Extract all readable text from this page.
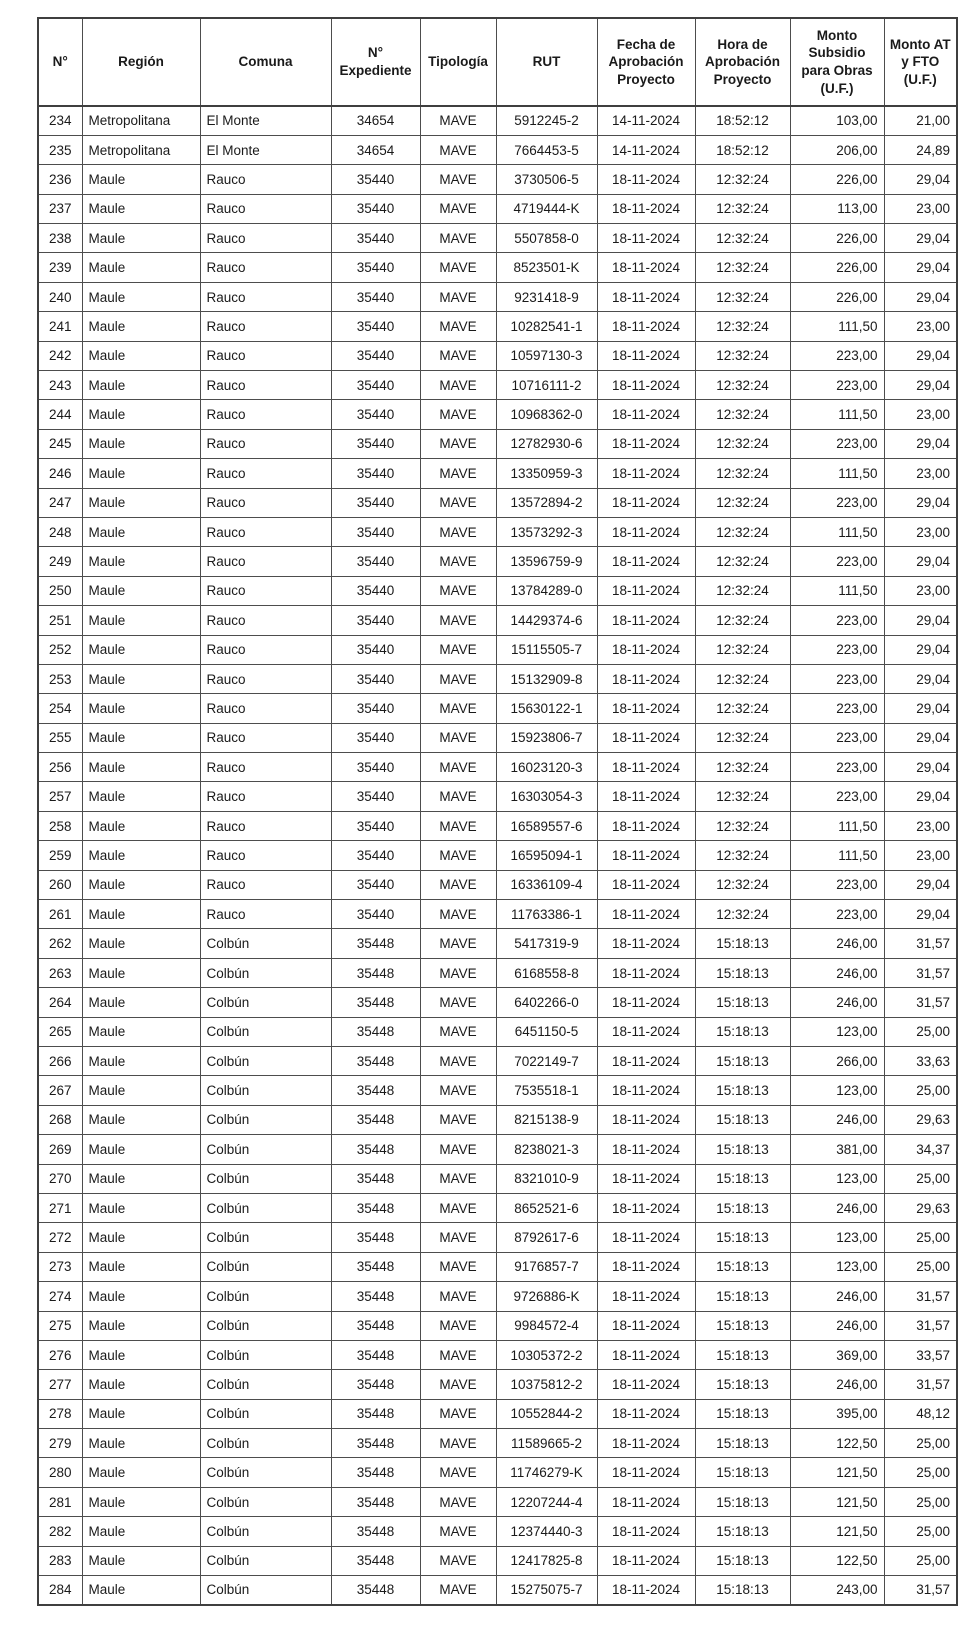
N°	Región	Comuna	N° Expediente	Tipología	RUT	Fecha de Aprobación Proyecto	Hora de Aprobación Proyecto	Monto Subsidio para Obras (U.F.)	Monto AT y FTO (U.F.)
234	Metropolitana	El Monte	34654	MAVE	5912245-2	14-11-2024	18:52:12	103,00	21,00
235	Metropolitana	El Monte	34654	MAVE	7664453-5	14-11-2024	18:52:12	206,00	24,89
236	Maule	Rauco	35440	MAVE	3730506-5	18-11-2024	12:32:24	226,00	29,04
237	Maule	Rauco	35440	MAVE	4719444-K	18-11-2024	12:32:24	113,00	23,00
238	Maule	Rauco	35440	MAVE	5507858-0	18-11-2024	12:32:24	226,00	29,04
239	Maule	Rauco	35440	MAVE	8523501-K	18-11-2024	12:32:24	226,00	29,04
240	Maule	Rauco	35440	MAVE	9231418-9	18-11-2024	12:32:24	226,00	29,04
241	Maule	Rauco	35440	MAVE	10282541-1	18-11-2024	12:32:24	111,50	23,00
242	Maule	Rauco	35440	MAVE	10597130-3	18-11-2024	12:32:24	223,00	29,04
243	Maule	Rauco	35440	MAVE	10716111-2	18-11-2024	12:32:24	223,00	29,04
244	Maule	Rauco	35440	MAVE	10968362-0	18-11-2024	12:32:24	111,50	23,00
245	Maule	Rauco	35440	MAVE	12782930-6	18-11-2024	12:32:24	223,00	29,04
246	Maule	Rauco	35440	MAVE	13350959-3	18-11-2024	12:32:24	111,50	23,00
247	Maule	Rauco	35440	MAVE	13572894-2	18-11-2024	12:32:24	223,00	29,04
248	Maule	Rauco	35440	MAVE	13573292-3	18-11-2024	12:32:24	111,50	23,00
249	Maule	Rauco	35440	MAVE	13596759-9	18-11-2024	12:32:24	223,00	29,04
250	Maule	Rauco	35440	MAVE	13784289-0	18-11-2024	12:32:24	111,50	23,00
251	Maule	Rauco	35440	MAVE	14429374-6	18-11-2024	12:32:24	223,00	29,04
252	Maule	Rauco	35440	MAVE	15115505-7	18-11-2024	12:32:24	223,00	29,04
253	Maule	Rauco	35440	MAVE	15132909-8	18-11-2024	12:32:24	223,00	29,04
254	Maule	Rauco	35440	MAVE	15630122-1	18-11-2024	12:32:24	223,00	29,04
255	Maule	Rauco	35440	MAVE	15923806-7	18-11-2024	12:32:24	223,00	29,04
256	Maule	Rauco	35440	MAVE	16023120-3	18-11-2024	12:32:24	223,00	29,04
257	Maule	Rauco	35440	MAVE	16303054-3	18-11-2024	12:32:24	223,00	29,04
258	Maule	Rauco	35440	MAVE	16589557-6	18-11-2024	12:32:24	111,50	23,00
259	Maule	Rauco	35440	MAVE	16595094-1	18-11-2024	12:32:24	111,50	23,00
260	Maule	Rauco	35440	MAVE	16336109-4	18-11-2024	12:32:24	223,00	29,04
261	Maule	Rauco	35440	MAVE	11763386-1	18-11-2024	12:32:24	223,00	29,04
262	Maule	Colbún	35448	MAVE	5417319-9	18-11-2024	15:18:13	246,00	31,57
263	Maule	Colbún	35448	MAVE	6168558-8	18-11-2024	15:18:13	246,00	31,57
264	Maule	Colbún	35448	MAVE	6402266-0	18-11-2024	15:18:13	246,00	31,57
265	Maule	Colbún	35448	MAVE	6451150-5	18-11-2024	15:18:13	123,00	25,00
266	Maule	Colbún	35448	MAVE	7022149-7	18-11-2024	15:18:13	266,00	33,63
267	Maule	Colbún	35448	MAVE	7535518-1	18-11-2024	15:18:13	123,00	25,00
268	Maule	Colbún	35448	MAVE	8215138-9	18-11-2024	15:18:13	246,00	29,63
269	Maule	Colbún	35448	MAVE	8238021-3	18-11-2024	15:18:13	381,00	34,37
270	Maule	Colbún	35448	MAVE	8321010-9	18-11-2024	15:18:13	123,00	25,00
271	Maule	Colbún	35448	MAVE	8652521-6	18-11-2024	15:18:13	246,00	29,63
272	Maule	Colbún	35448	MAVE	8792617-6	18-11-2024	15:18:13	123,00	25,00
273	Maule	Colbún	35448	MAVE	9176857-7	18-11-2024	15:18:13	123,00	25,00
274	Maule	Colbún	35448	MAVE	9726886-K	18-11-2024	15:18:13	246,00	31,57
275	Maule	Colbún	35448	MAVE	9984572-4	18-11-2024	15:18:13	246,00	31,57
276	Maule	Colbún	35448	MAVE	10305372-2	18-11-2024	15:18:13	369,00	33,57
277	Maule	Colbún	35448	MAVE	10375812-2	18-11-2024	15:18:13	246,00	31,57
278	Maule	Colbún	35448	MAVE	10552844-2	18-11-2024	15:18:13	395,00	48,12
279	Maule	Colbún	35448	MAVE	11589665-2	18-11-2024	15:18:13	122,50	25,00
280	Maule	Colbún	35448	MAVE	11746279-K	18-11-2024	15:18:13	121,50	25,00
281	Maule	Colbún	35448	MAVE	12207244-4	18-11-2024	15:18:13	121,50	25,00
282	Maule	Colbún	35448	MAVE	12374440-3	18-11-2024	15:18:13	121,50	25,00
283	Maule	Colbún	35448	MAVE	12417825-8	18-11-2024	15:18:13	122,50	25,00
284	Maule	Colbún	35448	MAVE	15275075-7	18-11-2024	15:18:13	243,00	31,57
